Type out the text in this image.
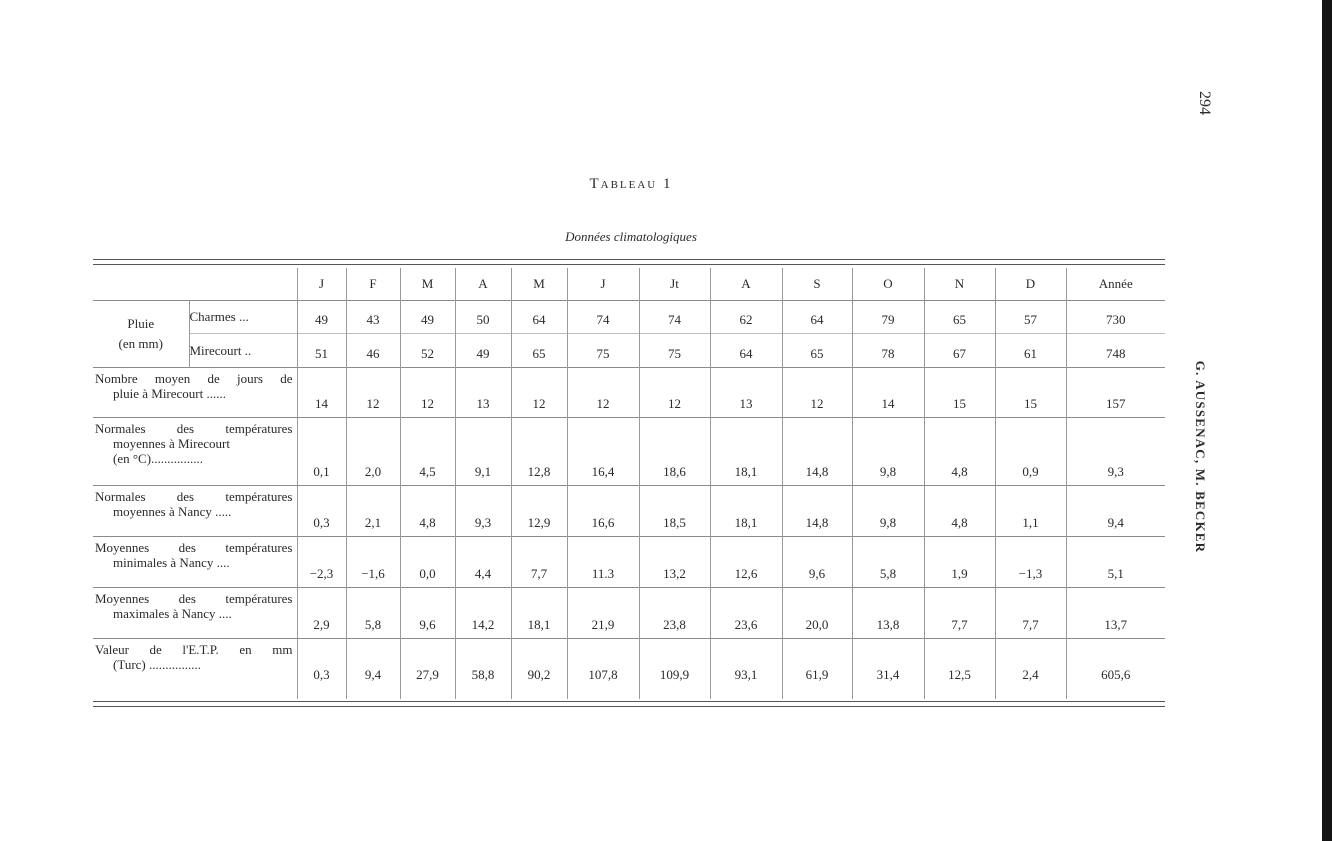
294
G. AUSSENAC, M. BECKER
Tableau 1
Données climatologiques
		J	F	M	A	M	J	Jt	A	S	O	N	D	Année
Pluie
(en mm)	Charmes ...	49	43	49	50	64	74	74	62	64	79	65	57	730
	Mirecourt ..	51	46	52	49	65	75	75	64	65	78	67	61	748

Nombre moyen de jours de
pluie à Mirecourt ......		14	12	12	13	12	12	12	13	12	14	15	15	157

Normales des températures
moyennes à Mirecourt
(en °C)................		0,1	2,0	4,5	9,1	12,8	16,4	18,6	18,1	14,8	9,8	4,8	0,9	9,3

Normales des températures
moyennes à Nancy .....		0,3	2,1	4,8	9,3	12,9	16,6	18,5	18,1	14,8	9,8	4,8	1,1	9,4

Moyennes des températures
minimales à Nancy ....		−2,3	−1,6	0,0	4,4	7,7	11.3	13,2	12,6	9,6	5,8	1,9	−1,3	5,1

Moyennes des températures
maximales à Nancy ....		2,9	5,8	9,6	14,2	18,1	21,9	23,8	23,6	20,0	13,8	7,7	7,7	13,7

Valeur de l'E.T.P. en mm
(Turc) ................		0,3	9,4	27,9	58,8	90,2	107,8	109,9	93,1	61,9	31,4	12,5	2,4	605,6
